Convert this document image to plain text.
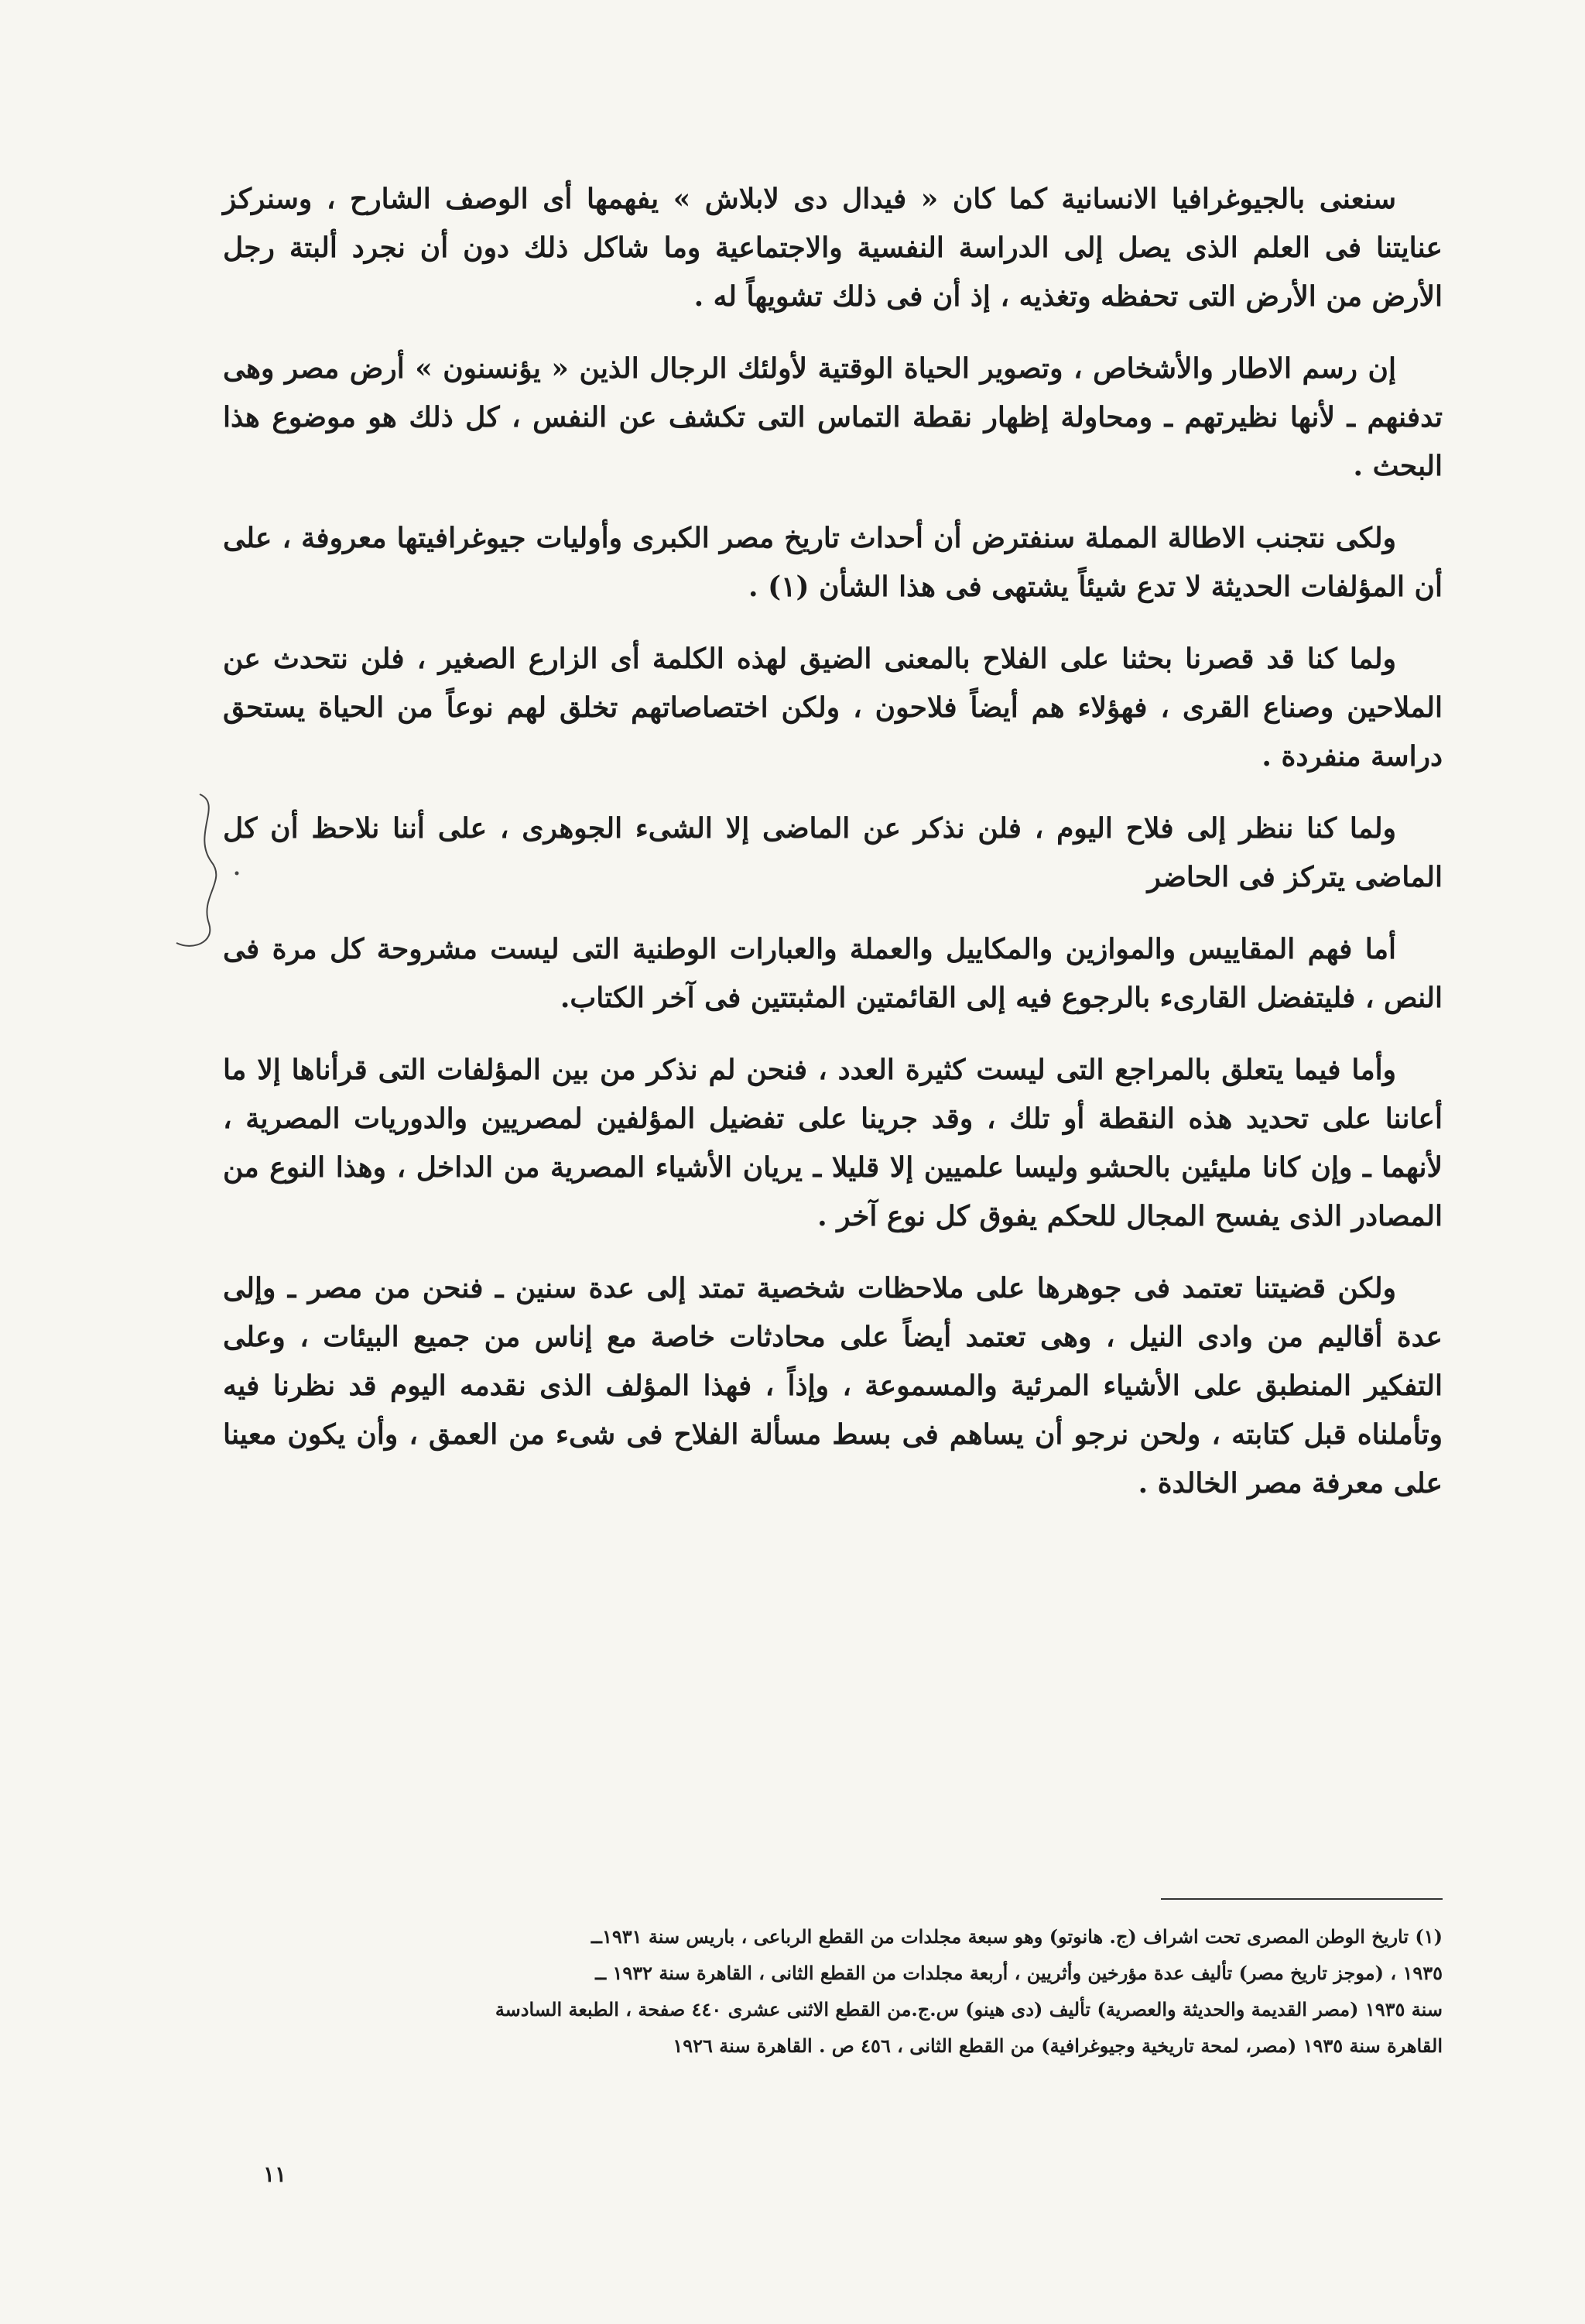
سنعنى بالجيوغرافيا الانسانية كما كان « فيدال دى لابلاش » يفهمها أى الوصف الشارح ، وسنركز عنايتنا فى العلم الذى يصل إلى الدراسة النفسية والاجتماعية وما شاكل ذلك دون أن نجرد ألبتة رجل الأرض من الأرض التى تحفظه وتغذيه ، إذ أن فى ذلك تشويهاً له .

إن رسم الاطار والأشخاص ، وتصوير الحياة الوقتية لأولئك الرجال الذين « يؤنسنون » أرض مصر وهى تدفنهم ـ لأنها نظيرتهم ـ ومحاولة إظهار نقطة التماس التى تكشف عن النفس ، كل ذلك هو موضوع هذا البحث .

ولكى نتجنب الاطالة المملة سنفترض أن أحداث تاريخ مصر الكبرى وأوليات جيوغرافيتها معروفة ، على أن المؤلفات الحديثة لا تدع شيئاً يشتهى فى هذا الشأن (١) .

ولما كنا قد قصرنا بحثنا على الفلاح بالمعنى الضيق لهذه الكلمة أى الزارع الصغير ، فلن نتحدث عن الملاحين وصناع القرى ، فهؤلاء هم أيضاً فلاحون ، ولكن اختصاصاتهم تخلق لهم نوعاً من الحياة يستحق دراسة منفردة .

ولما كنا ننظر إلى فلاح اليوم ، فلن نذكر عن الماضى إلا الشىء الجوهرى ، على أننا نلاحظ أن كل الماضى يتركز فى الحاضر

أما فهم المقاييس والموازين والمكاييل والعملة والعبارات الوطنية التى ليست مشروحة كل مرة فى النص ، فليتفضل القارىء بالرجوع فيه إلى القائمتين المثبتتين فى آخر الكتاب.

وأما فيما يتعلق بالمراجع التى ليست كثيرة العدد ، فنحن لم نذكر من بين المؤلفات التى قرأناها إلا ما أعاننا على تحديد هذه النقطة أو تلك ، وقد جرينا على تفضيل المؤلفين لمصريين والدوريات المصرية ، لأنهما ـ وإن كانا مليئين بالحشو وليسا علميين إلا قليلا ـ يريان الأشياء المصرية من الداخل ، وهذا النوع من المصادر الذى يفسح المجال للحكم يفوق كل نوع آخر .

ولكن قضيتنا تعتمد فى جوهرها على ملاحظات شخصية تمتد إلى عدة سنين ـ فنحن من مصر ـ وإلى عدة أقاليم من وادى النيل ، وهى تعتمد أيضاً على محادثات خاصة مع إناس من جميع البيئات ، وعلى التفكير المنطبق على الأشياء المرئية والمسموعة ، وإذاً ، فهذا المؤلف الذى نقدمه اليوم قد نظرنا فيه وتأملناه قبل كتابته ، ولحن نرجو أن يساهم فى بسط مسألة الفلاح فى شىء من العمق ، وأن يكون معينا على معرفة مصر الخالدة .

(١) تاريخ الوطن المصرى تحت اشراف (ج. هانوتو) وهو سبعة مجلدات من القطع الرباعى ، باريس سنة ١٩٣١ــ

١٩٣٥ ، (موجز تاريخ مصر) تأليف عدة مؤرخين وأثريين ، أربعة مجلدات من القطع الثانى ، القاهرة سنة ١٩٣٢ ــ

سنة ١٩٣٥ (مصر القديمة والحديثة والعصرية) تأليف (دى هينو) س.ج.من القطع الاثنى عشرى ٤٤٠ صفحة ، الطبعة السادسة

القاهرة سنة ١٩٣٥ (مصر، لمحة تاريخية وجيوغرافية) من القطع الثانى ، ٤٥٦ ص . القاهرة سنة ١٩٢٦

١١
